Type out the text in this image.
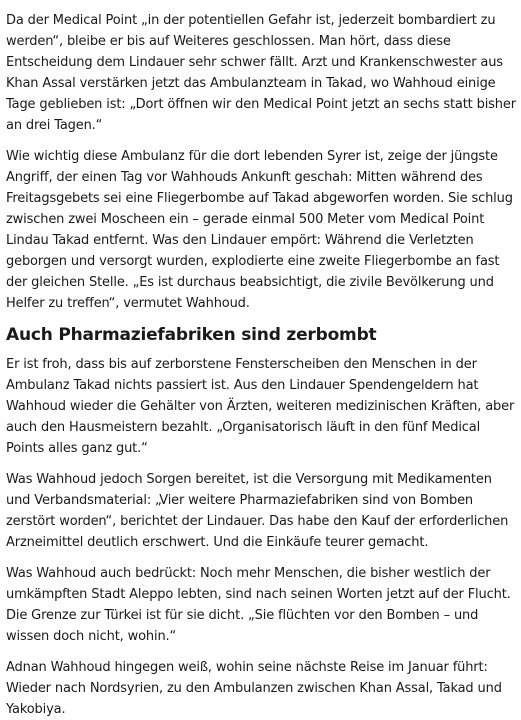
Da der Medical Point „in der potentiellen Gefahr ist, jederzeit bombardiert zu werden“, bleibe er bis auf Weiteres geschlossen. Man hört, dass diese Entscheidung dem Lindauer sehr schwer fällt. Arzt und Krankenschwester aus Khan Assal verstärken jetzt das Ambulanzteam in Takad, wo Wahhoud einige Tage geblieben ist: „Dort öffnen wir den Medical Point jetzt an sechs statt bisher an drei Tagen.“

Wie wichtig diese Ambulanz für die dort lebenden Syrer ist, zeige der jüngste Angriff, der einen Tag vor Wahhouds Ankunft geschah: Mitten während des Freitagsgebets sei eine Fliegerbombe auf Takad abgeworfen worden. Sie schlug zwischen zwei Moscheen ein – gerade einmal 500 Meter vom Medical Point Lindau Takad entfernt. Was den Lindauer empört: Während die Verletzten geborgen und versorgt wurden, explodierte eine zweite Fliegerbombe an fast der gleichen Stelle. „Es ist durchaus beabsichtigt, die zivile Bevölkerung und Helfer zu treffen“, vermutet Wahhoud.

Auch Pharmaziefabriken sind zerbombt

Er ist froh, dass bis auf zerborstene Fensterscheiben den Menschen in der Ambulanz Takad nichts passiert ist. Aus den Lindauer Spendengeldern hat Wahhoud wieder die Gehälter von Ärzten, weiteren medizinischen Kräften, aber auch den Hausmeistern bezahlt. „Organisatorisch läuft in den fünf Medical Points alles ganz gut.“

Was Wahhoud jedoch Sorgen bereitet, ist die Versorgung mit Medikamenten und Verbandsmaterial: „Vier weitere Pharmaziefabriken sind von Bomben zerstört worden“, berichtet der Lindauer. Das habe den Kauf der erforderlichen Arzneimittel deutlich erschwert. Und die Einkäufe teurer gemacht.

Was Wahhoud auch bedrückt: Noch mehr Menschen, die bisher westlich der umkämpften Stadt Aleppo lebten, sind nach seinen Worten jetzt auf der Flucht. Die Grenze zur Türkei ist für sie dicht. „Sie flüchten vor den Bomben – und wissen doch nicht, wohin.“

Adnan Wahhoud hingegen weiß, wohin seine nächste Reise im Januar führt: Wieder nach Nordsyrien, zu den Ambulanzen zwischen Khan Assal, Takad und Yakobiya.
